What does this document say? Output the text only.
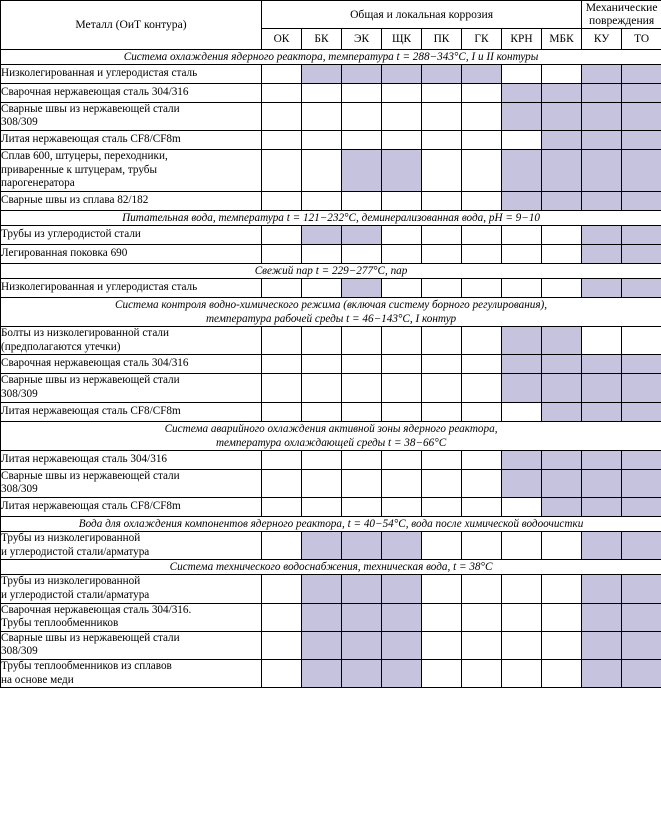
Металл (ОиТ контура)	Общая и локальная коррозия								Механические
повреждения	
	ОК	БК	ЭК	ЩК	ПК	ГК	КРН	МБК	КУ	ТО
Система охлаждения ядерного реактора, температура t = 288−343°C, I и II контуры										
Низколегированная и углеродистая сталь										
Сварочная нержавеющая сталь 304/316										
Сварные швы из нержавеющей стали
308/309										
Литая нержавеющая сталь CF8/CF8m										
Сплав 600, штуцеры, переходники,
приваренные к штуцерам, трубы
парогенератора										
Сварные швы из сплава 82/182										
Питательная вода, температура t = 121−232°C, деминерализованная вода, pH = 9−10										
Трубы из углеродистой стали										
Легированная поковка 690										
Свежий пар t = 229−277°C, пар										
Низколегированная и углеродистая сталь										
Система контроля водно-химического режима (включая систему борного регулирования),
температура рабочей среды t = 46−143°C, I контур										
Болты из низколегированной стали
(предполагаются утечки)										
Сварочная нержавеющая сталь 304/316										
Сварные швы из нержавеющей стали
308/309										
Литая нержавеющая сталь CF8/CF8m										
Система аварийного охлаждения активной зоны ядерного реактора,
температура охлаждающей среды t = 38−66°C										
Литая нержавеющая сталь 304/316										
Сварные швы из нержавеющей стали
308/309										
Литая нержавеющая сталь CF8/CF8m										
Вода для охлаждения компонентов ядерного реактора, t = 40−54°C, вода после химической водоочистки										
Трубы из низколегированной
и углеродистой стали/арматура										
Система технического водоснабжения, техническая вода, t = 38°C										
Трубы из низколегированной
и углеродистой стали/арматура										
Сварочная нержавеющая сталь 304/316.
Трубы теплообменников										
Сварные швы из нержавеющей стали
308/309										
Трубы теплообменников из сплавов
на основе меди										
